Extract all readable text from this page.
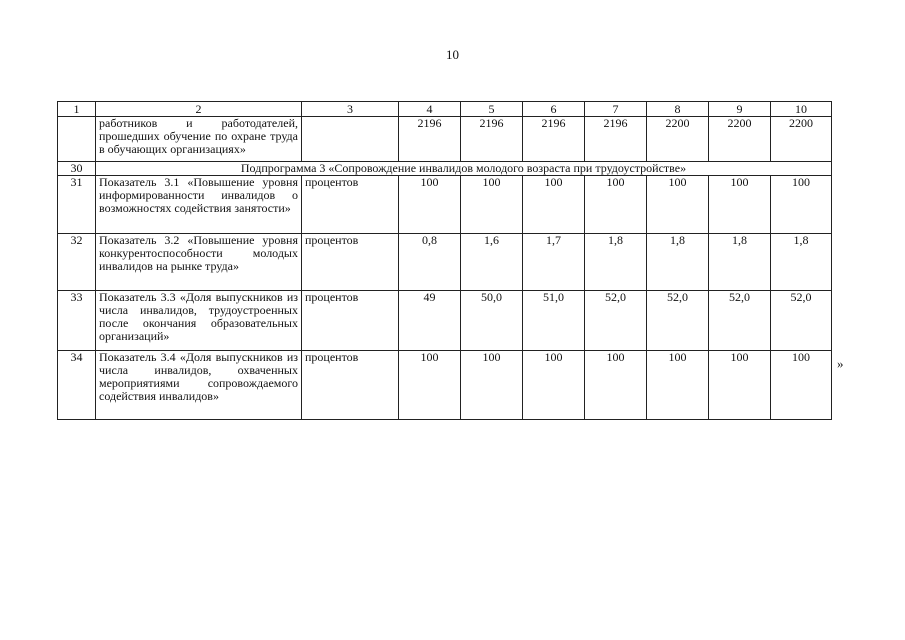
10
1	2	3	4	5	6	7	8	9	10
	работников и работодателей, прошедших обучение по охране труда в обучающих организациях»		2196	2196	2196	2196	2200	2200	2200
30	Подпрограмма 3 «Сопровождение инвалидов молодого возраста при трудоустройстве»								
31	Показатель 3.1 «Повышение уровня информированности инвалидов о возможностях содействия занятости»	процентов	100	100	100	100	100	100	100
32	Показатель 3.2 «Повышение уровня конкурентоспособности молодых инвалидов на рынке труда»	процентов	0,8	1,6	1,7	1,8	1,8	1,8	1,8
33	Показатель 3.3 «Доля выпускников из числа инвалидов, трудоустроенных после окончания образовательных организаций»	процентов	49	50,0	51,0	52,0	52,0	52,0	52,0
34	Показатель 3.4 «Доля выпускников из числа инвалидов, охваченных мероприятиями сопровождаемого содействия инвалидов»	процентов	100	100	100	100	100	100	100 »
